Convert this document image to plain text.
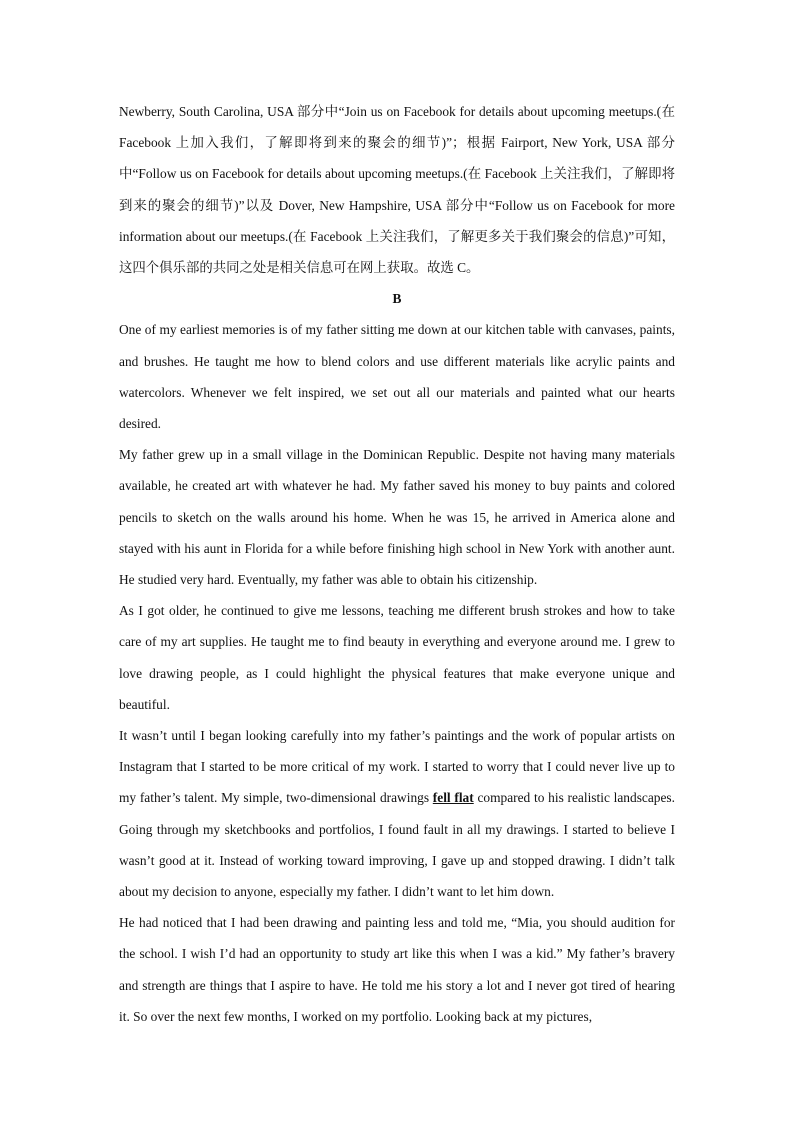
Newberry, South Carolina, USA 部分中“Join us on Facebook for details about upcoming meetups.(在 Facebook 上加入我们，了解即将到来的聚会的细节)”；根据 Fairport, New York, USA 部分中“Follow us on Facebook for details about upcoming meetups.(在 Facebook 上关注我们，了解即将到来的聚会的细节)”以及 Dover, New Hampshire, USA 部分中“Follow us on Facebook for more information about our meetups.(在 Facebook 上关注我们，了解更多关于我们聚会的信息)”可知，这四个俱乐部的共同之处是相关信息可在网上获取。故选 C。

B

One of my earliest memories is of my father sitting me down at our kitchen table with canvases, paints, and brushes. He taught me how to blend colors and use different materials like acrylic paints and watercolors. Whenever we felt inspired, we set out all our materials and painted what our hearts desired.

My father grew up in a small village in the Dominican Republic. Despite not having many materials available, he created art with whatever he had. My father saved his money to buy paints and colored pencils to sketch on the walls around his home. When he was 15, he arrived in America alone and stayed with his aunt in Florida for a while before finishing high school in New York with another aunt. He studied very hard. Eventually, my father was able to obtain his citizenship.

As I got older, he continued to give me lessons, teaching me different brush strokes and how to take care of my art supplies. He taught me to find beauty in everything and everyone around me. I grew to love drawing people, as I could highlight the physical features that make everyone unique and beautiful.

It wasn’t until I began looking carefully into my father’s paintings and the work of popular artists on Instagram that I started to be more critical of my work. I started to worry that I could never live up to my father’s talent. My simple, two-dimensional drawings fell flat compared to his realistic landscapes. Going through my sketchbooks and portfolios, I found fault in all my drawings. I started to believe I wasn’t good at it. Instead of working toward improving, I gave up and stopped drawing. I didn’t talk about my decision to anyone, especially my father. I didn’t want to let him down.

He had noticed that I had been drawing and painting less and told me, “Mia, you should audition for the school. I wish I’d had an opportunity to study art like this when I was a kid.” My father’s bravery and strength are things that I aspire to have. He told me his story a lot and I never got tired of hearing it. So over the next few months, I worked on my portfolio. Looking back at my pictures,
